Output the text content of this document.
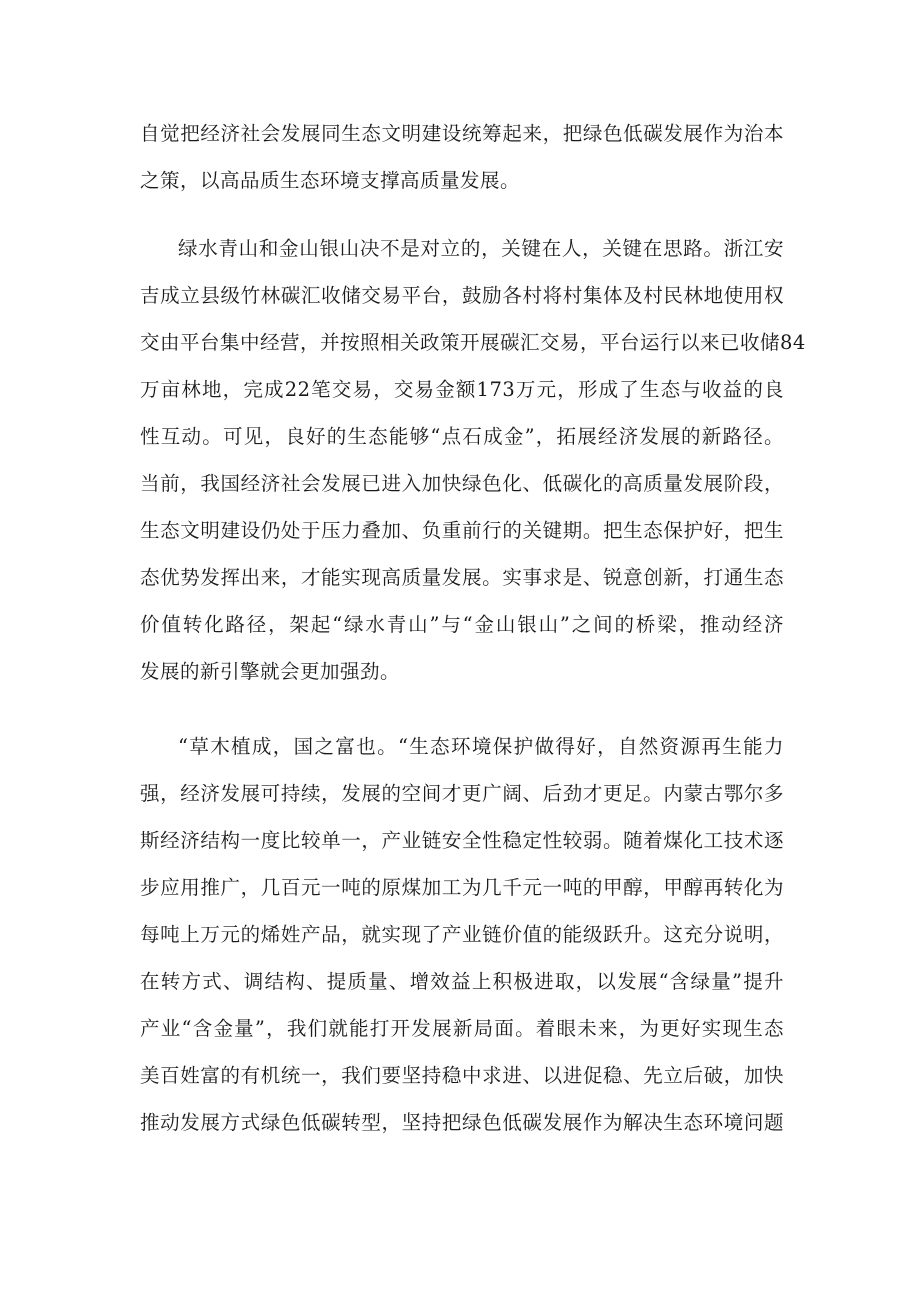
自觉把经济社会发展同生态文明建设统筹起来，把绿色低碳发展作为治本
之策，以高品质生态环境支撑高质量发展。
绿水青山和金山银山决不是对立的，关键在人，关键在思路。浙江安
吉成立县级竹林碳汇收储交易平台，鼓励各村将村集体及村民林地使用权
交由平台集中经营，并按照相关政策开展碳汇交易，平台运行以来已收储84
万亩林地，完成22笔交易，交易金额173万元，形成了生态与收益的良
性互动。可见，良好的生态能够“点石成金”，拓展经济发展的新路径。
当前，我国经济社会发展已进入加快绿色化、低碳化的高质量发展阶段，
生态文明建设仍处于压力叠加、负重前行的关键期。把生态保护好，把生
态优势发挥出来，才能实现高质量发展。实事求是、锐意创新，打通生态
价值转化路径，架起“绿水青山”与“金山银山”之间的桥梁，推动经济
发展的新引擎就会更加强劲。
“草木植成，国之富也。“生态环境保护做得好，自然资源再生能力
强，经济发展可持续，发展的空间才更广阔、后劲才更足。内蒙古鄂尔多
斯经济结构一度比较单一，产业链安全性稳定性较弱。随着煤化工技术逐
步应用推广，几百元一吨的原煤加工为几千元一吨的甲醇，甲醇再转化为
每吨上万元的烯姓产品，就实现了产业链价值的能级跃升。这充分说明，
在转方式、调结构、提质量、增效益上积极进取，以发展“含绿量”提升
产业“含金量”，我们就能打开发展新局面。着眼未来，为更好实现生态
美百姓富的有机统一，我们要坚持稳中求进、以进促稳、先立后破，加快
推动发展方式绿色低碳转型，坚持把绿色低碳发展作为解决生态环境问题
